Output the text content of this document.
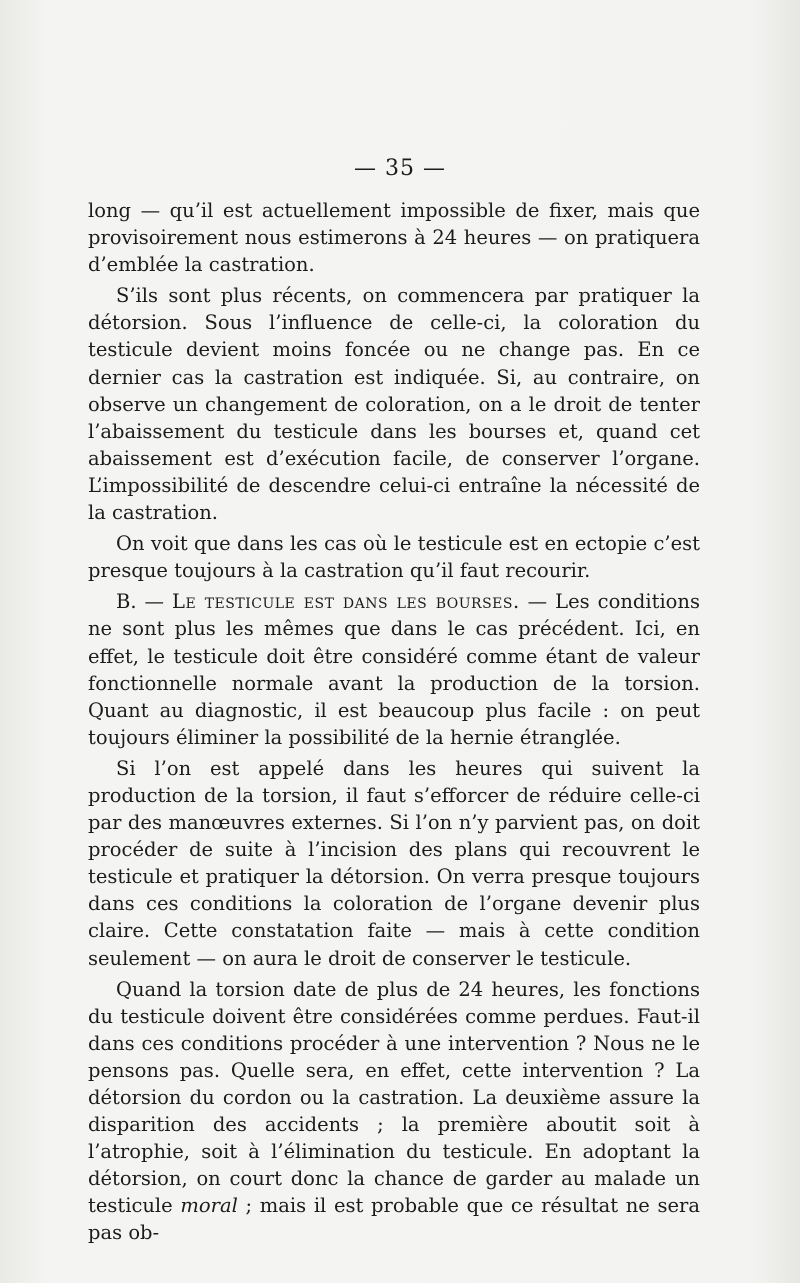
— 35 —

long — qu’il est actuellement impossible de fixer, mais que provisoirement nous estimerons à 24 heures — on pratiquera d’emblée la castration.

S’ils sont plus récents, on commencera par pratiquer la détorsion. Sous l’influence de celle-ci, la coloration du testicule devient moins foncée ou ne change pas. En ce dernier cas la castration est indiquée. Si, au contraire, on observe un changement de coloration, on a le droit de tenter l’abaissement du testicule dans les bourses et, quand cet abaissement est d’exécution facile, de conserver l’organe. L’impossibilité de descendre celui-ci entraîne la nécessité de la castration.

On voit que dans les cas où le testicule est en ectopie c’est presque toujours à la castration qu’il faut recourir.

B. — Le testicule est dans les bourses. — Les conditions ne sont plus les mêmes que dans le cas précédent. Ici, en effet, le testicule doit être considéré comme étant de valeur fonctionnelle normale avant la production de la torsion. Quant au diagnostic, il est beaucoup plus facile : on peut toujours éliminer la possibilité de la hernie étranglée.

Si l’on est appelé dans les heures qui suivent la production de la torsion, il faut s’efforcer de réduire celle-ci par des manœuvres externes. Si l’on n’y parvient pas, on doit procéder de suite à l’incision des plans qui recouvrent le testicule et pratiquer la détorsion. On verra presque toujours dans ces conditions la coloration de l’organe devenir plus claire. Cette constatation faite — mais à cette condition seulement — on aura le droit de conserver le testicule.

Quand la torsion date de plus de 24 heures, les fonctions du testicule doivent être considérées comme perdues. Faut-il dans ces conditions procéder à une intervention ? Nous ne le pensons pas. Quelle sera, en effet, cette intervention ? La détorsion du cordon ou la castration. La deuxième assure la disparition des accidents ; la première aboutit soit à l’atrophie, soit à l’élimination du testicule. En adoptant la détorsion, on court donc la chance de garder au malade un testicule moral ; mais il est probable que ce résultat ne sera pas ob-
